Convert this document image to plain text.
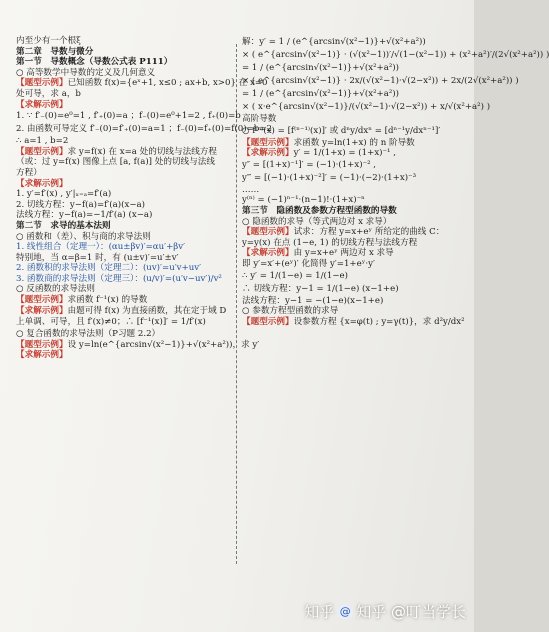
内至少有一个根ξ
第二章　导数与微分
第一节　导数概念（导数公式表 P111）
○ 高等数学中导数的定义及几何意义
【题型示例】已知函数 f(x)={eˣ+1, x≤0 ; ax+b, x>0} 在 x=0
处可导，求 a，b
【求解示例】
1. ∵ f′₋(0)=e⁰=1 , f′₊(0)=a ；f₋(0)=e⁰+1=2 , f₊(0)=b
2. 由函数可导定义 f′₋(0)=f′₊(0)=a=1 ；f₋(0)=f₊(0)=f(0)=b=2
∴ a=1 , b=2
【题型示例】求 y=f(x) 在 x=a 处的切线与法线方程
（或：过 y=f(x) 图像上点 [a, f(a)] 处的切线与法线
方程）
【求解示例】
1. y′=f′(x) , y′|ₓ₌ₐ=f′(a)
2. 切线方程：y−f(a)=f′(a)(x−a)
法线方程：y−f(a)=−1/f′(a) (x−a)
第二节　求导的基本法则
○ 函数和（差）、积与商的求导法则
1. 线性组合（定理一）：(αu±βv)′=αu′+βv′
特别地，当 α=β=1 时，有 (u±v)′=u′±v′
2. 函数积的求导法则（定理二）：(uv)′=u′v+uv′
3. 函数商的求导法则（定理三）：(u/v)′=(u′v−uv′)/v²
○ 反函数的求导法则
【题型示例】求函数 f⁻¹(x) 的导数
【求解示例】由题可得 f(x) 为直接函数，其在定于域 D
上单调、可导，且 f′(x)≠0；∴ [f⁻¹(x)]′ = 1/f′(x)
○ 复合函数的求导法则（P习题 2.2）
【题型示例】设 y=ln(e^{arcsin√(x²−1)}+√(x²+a²))，求 y′
【求解示例】
解：y′ = 1 / (e^{arcsin√(x²−1)}+√(x²+a²))
× ( e^{arcsin√(x²−1)} · (√(x²−1))′/√(1−(x²−1)) + (x²+a²)′/(2√(x²+a²)) )
= 1 / (e^{arcsin√(x²−1)}+√(x²+a²))
× ( e^{arcsin√(x²−1)} · 2x/(√(x²−1)·√(2−x²)) + 2x/(2√(x²+a²)) )
= 1 / (e^{arcsin√(x²−1)}+√(x²+a²))
× ( x·e^{arcsin√(x²−1)}/(√(x²−1)·√(2−x²)) + x/√(x²+a²) )
高阶导数
○ f⁽ⁿ⁾(x) = [f⁽ⁿ⁻¹⁾(x)]′ 或 dⁿy/dxⁿ = [dⁿ⁻¹y/dxⁿ⁻¹]′
【题型示例】求函数 y=ln(1+x) 的 n 阶导数
【求解示例】y′ = 1/(1+x) = (1+x)⁻¹ ,
y″ = [(1+x)⁻¹]′ = (−1)·(1+x)⁻² ,
y‴ = [(−1)·(1+x)⁻²]′ = (−1)·(−2)·(1+x)⁻³
……
y⁽ⁿ⁾ = (−1)ⁿ⁻¹·(n−1)!·(1+x)⁻ⁿ
第三节　隐函数及参数方程型函数的导数
○ 隐函数的求导（等式两边对 x 求导）
【题型示例】试求：方程 y=x+eʸ 所给定的曲线 C：
y=y(x) 在点 (1−e, 1) 的切线方程与法线方程
【求解示例】由 y=x+eʸ 两边对 x 求导
即 y′=x′+(eʸ)′ 化简得 y′=1+eʸ·y′
∴ y′ = 1/(1−e) = 1/(1−e)
∴ 切线方程：y−1 = 1/(1−e) (x−1+e)
法线方程：y−1 = −(1−e)(x−1+e)
○ 参数方程型函数的求导
【题型示例】设参数方程 {x=φ(t) ; y=γ(t)}，求 d²y/dx²
知乎 @ 知乎 @叮当学长
